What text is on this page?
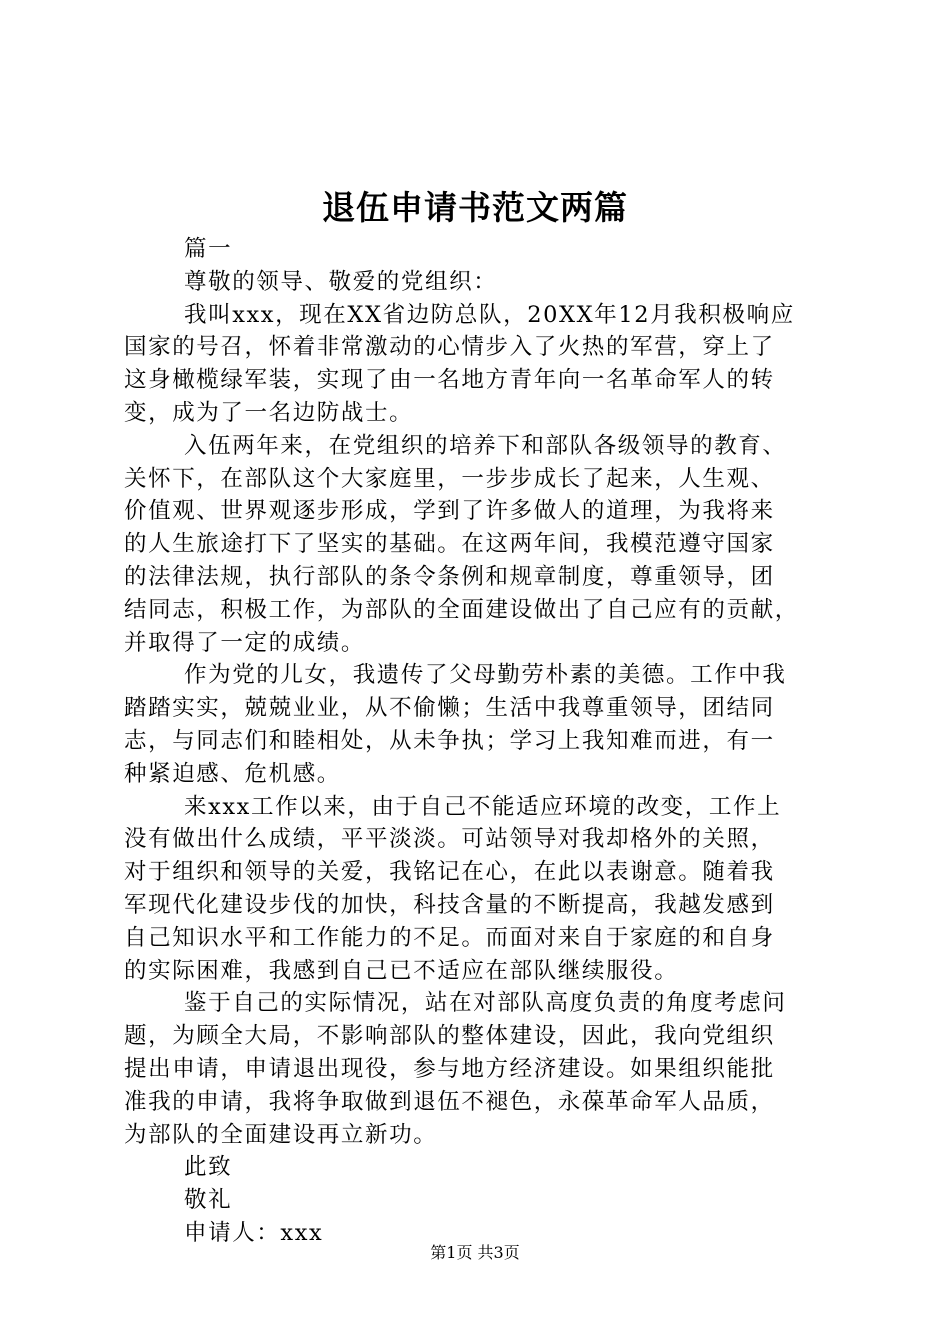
退伍申请书范文两篇
篇一
尊敬的领导、敬爱的党组织：
我叫xxx，现在XX省边防总队，20XX年12月我积极响应
国家的号召，怀着非常激动的心情步入了火热的军营，穿上了
这身橄榄绿军装，实现了由一名地方青年向一名革命军人的转
变，成为了一名边防战士。
入伍两年来，在党组织的培养下和部队各级领导的教育、
关怀下，在部队这个大家庭里，一步步成长了起来，人生观、
价值观、世界观逐步形成，学到了许多做人的道理，为我将来
的人生旅途打下了坚实的基础。在这两年间，我模范遵守国家
的法律法规，执行部队的条令条例和规章制度，尊重领导，团
结同志，积极工作，为部队的全面建设做出了自己应有的贡献，
并取得了一定的成绩。
作为党的儿女，我遗传了父母勤劳朴素的美德。工作中我
踏踏实实，兢兢业业，从不偷懒；生活中我尊重领导，团结同
志，与同志们和睦相处，从未争执；学习上我知难而进，有一
种紧迫感、危机感。
来xxx工作以来，由于自己不能适应环境的改变，工作上
没有做出什么成绩，平平淡淡。可站领导对我却格外的关照，
对于组织和领导的关爱，我铭记在心，在此以表谢意。随着我
军现代化建设步伐的加快，科技含量的不断提高，我越发感到
自己知识水平和工作能力的不足。而面对来自于家庭的和自身
的实际困难，我感到自己已不适应在部队继续服役。
鉴于自己的实际情况，站在对部队高度负责的角度考虑问
题，为顾全大局，不影响部队的整体建设，因此，我向党组织
提出申请，申请退出现役，参与地方经济建设。如果组织能批
准我的申请，我将争取做到退伍不褪色，永葆革命军人品质，
为部队的全面建设再立新功。
此致
敬礼
申请人：xxx
第1页 共3页
